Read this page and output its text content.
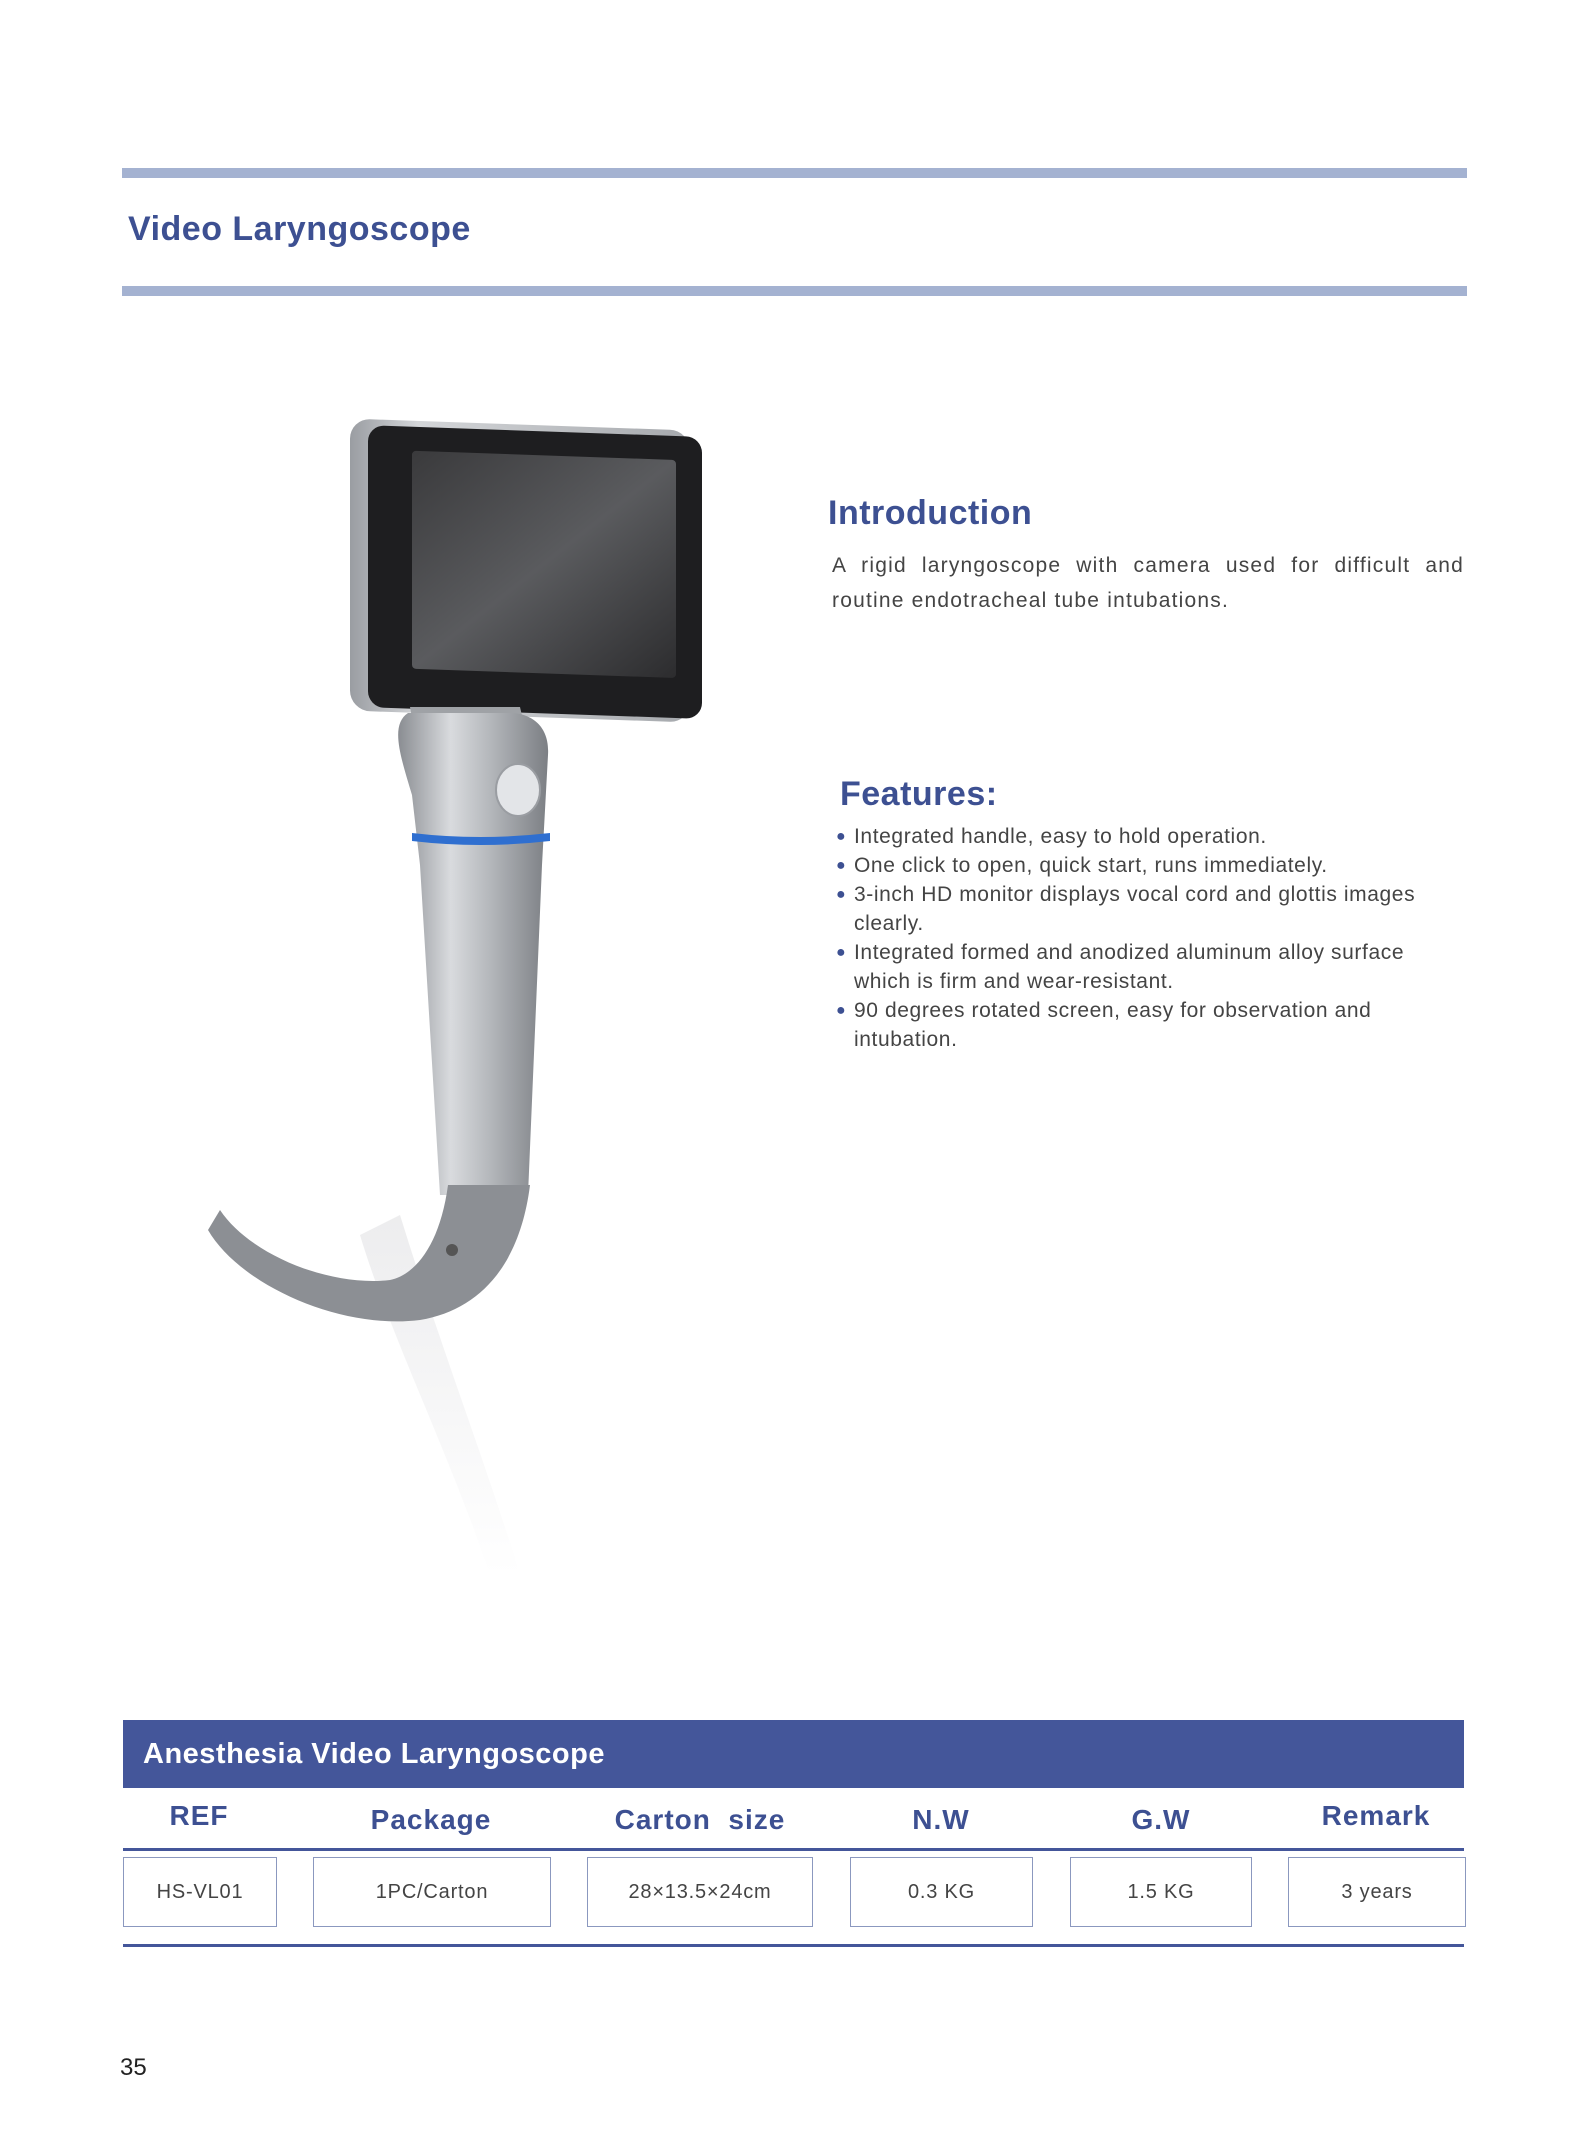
Video Laryngoscope
Introduction
A rigid laryngoscope with camera used for difficult and routine endotracheal tube intubations.
Features:
● Integrated handle, easy to hold operation.
● One click to open, quick start, runs immediately.
● 3-inch HD monitor displays vocal cord and glottis images clearly.
● Integrated formed and anodized aluminum alloy surface which is firm and wear-resistant.
● 90 degrees rotated screen, easy for observation and intubation.
Anesthesia Video Laryngoscope
REF	Package	Carton  size	N.W	G.W	Remark
HS-VL01	1PC/Carton	28×13.5×24cm	0.3 KG	1.5 KG	3 years
35
